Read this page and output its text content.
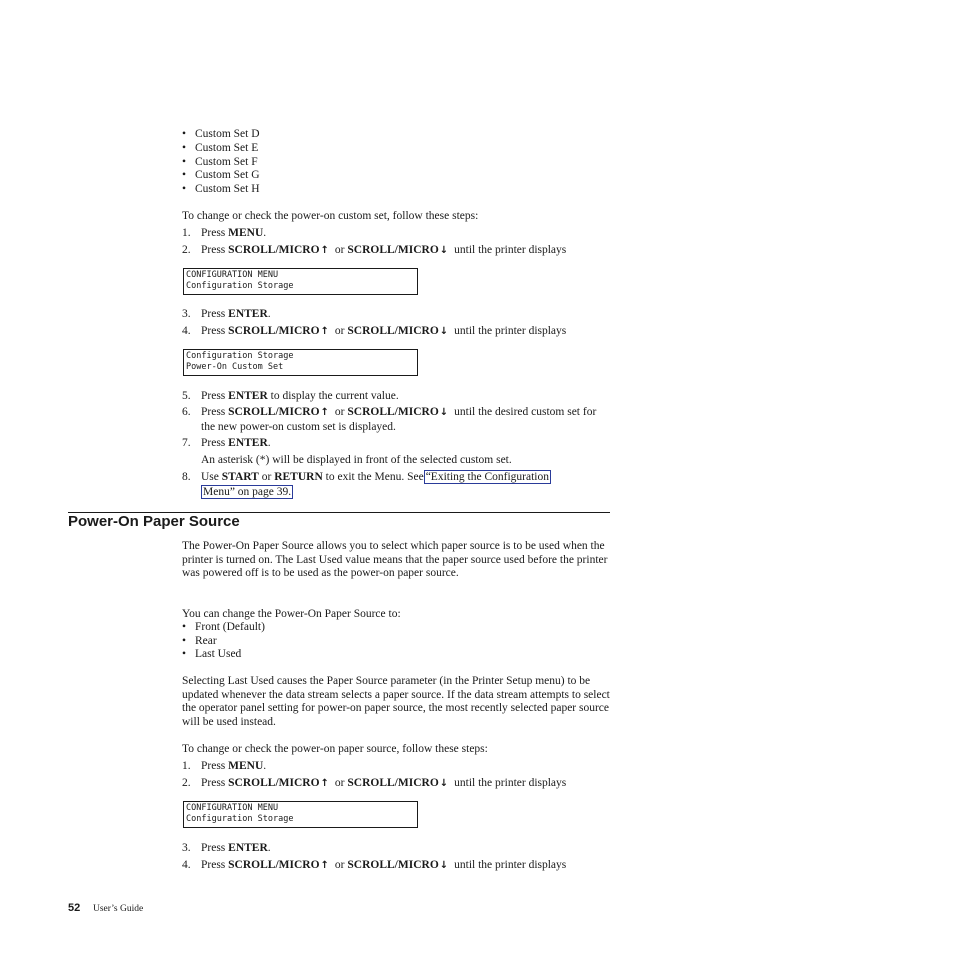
• Custom Set D
• Custom Set E
• Custom Set F
• Custom Set G
• Custom Set H
To change or check the power-on custom set, follow these steps:
1. Press MENU.
2. Press SCROLL/MICRO↑ or SCROLL/MICRO↓ until the printer displays
CONFIGURATION MENU
Configuration Storage
3. Press ENTER.
4. Press SCROLL/MICRO↑ or SCROLL/MICRO↓ until the printer displays
Configuration Storage
Power-On Custom Set
5. Press ENTER to display the current value.
6. Press SCROLL/MICRO↑ or SCROLL/MICRO↓ until the desired custom set for the new power-on custom set is displayed.
7. Press ENTER.
An asterisk (*) will be displayed in front of the selected custom set.
8. Use START or RETURN to exit the Menu. See “Exiting the Configuration
Menu” on page 39.
Power-On Paper Source
The Power-On Paper Source allows you to select which paper source is to be used when the printer is turned on. The Last Used value means that the paper source used before the printer was powered off is to be used as the power-on paper source.
You can change the Power-On Paper Source to:
• Front (Default)
• Rear
• Last Used
Selecting Last Used causes the Paper Source parameter (in the Printer Setup menu) to be updated whenever the data stream selects a paper source. If the data stream attempts to select the operator panel setting for power-on paper source, the most recently selected paper source will be used instead.
To change or check the power-on paper source, follow these steps:
1. Press MENU.
2. Press SCROLL/MICRO↑ or SCROLL/MICRO↓ until the printer displays
CONFIGURATION MENU
Configuration Storage
3. Press ENTER.
4. Press SCROLL/MICRO↑ or SCROLL/MICRO↓ until the printer displays
52 User’s Guide
